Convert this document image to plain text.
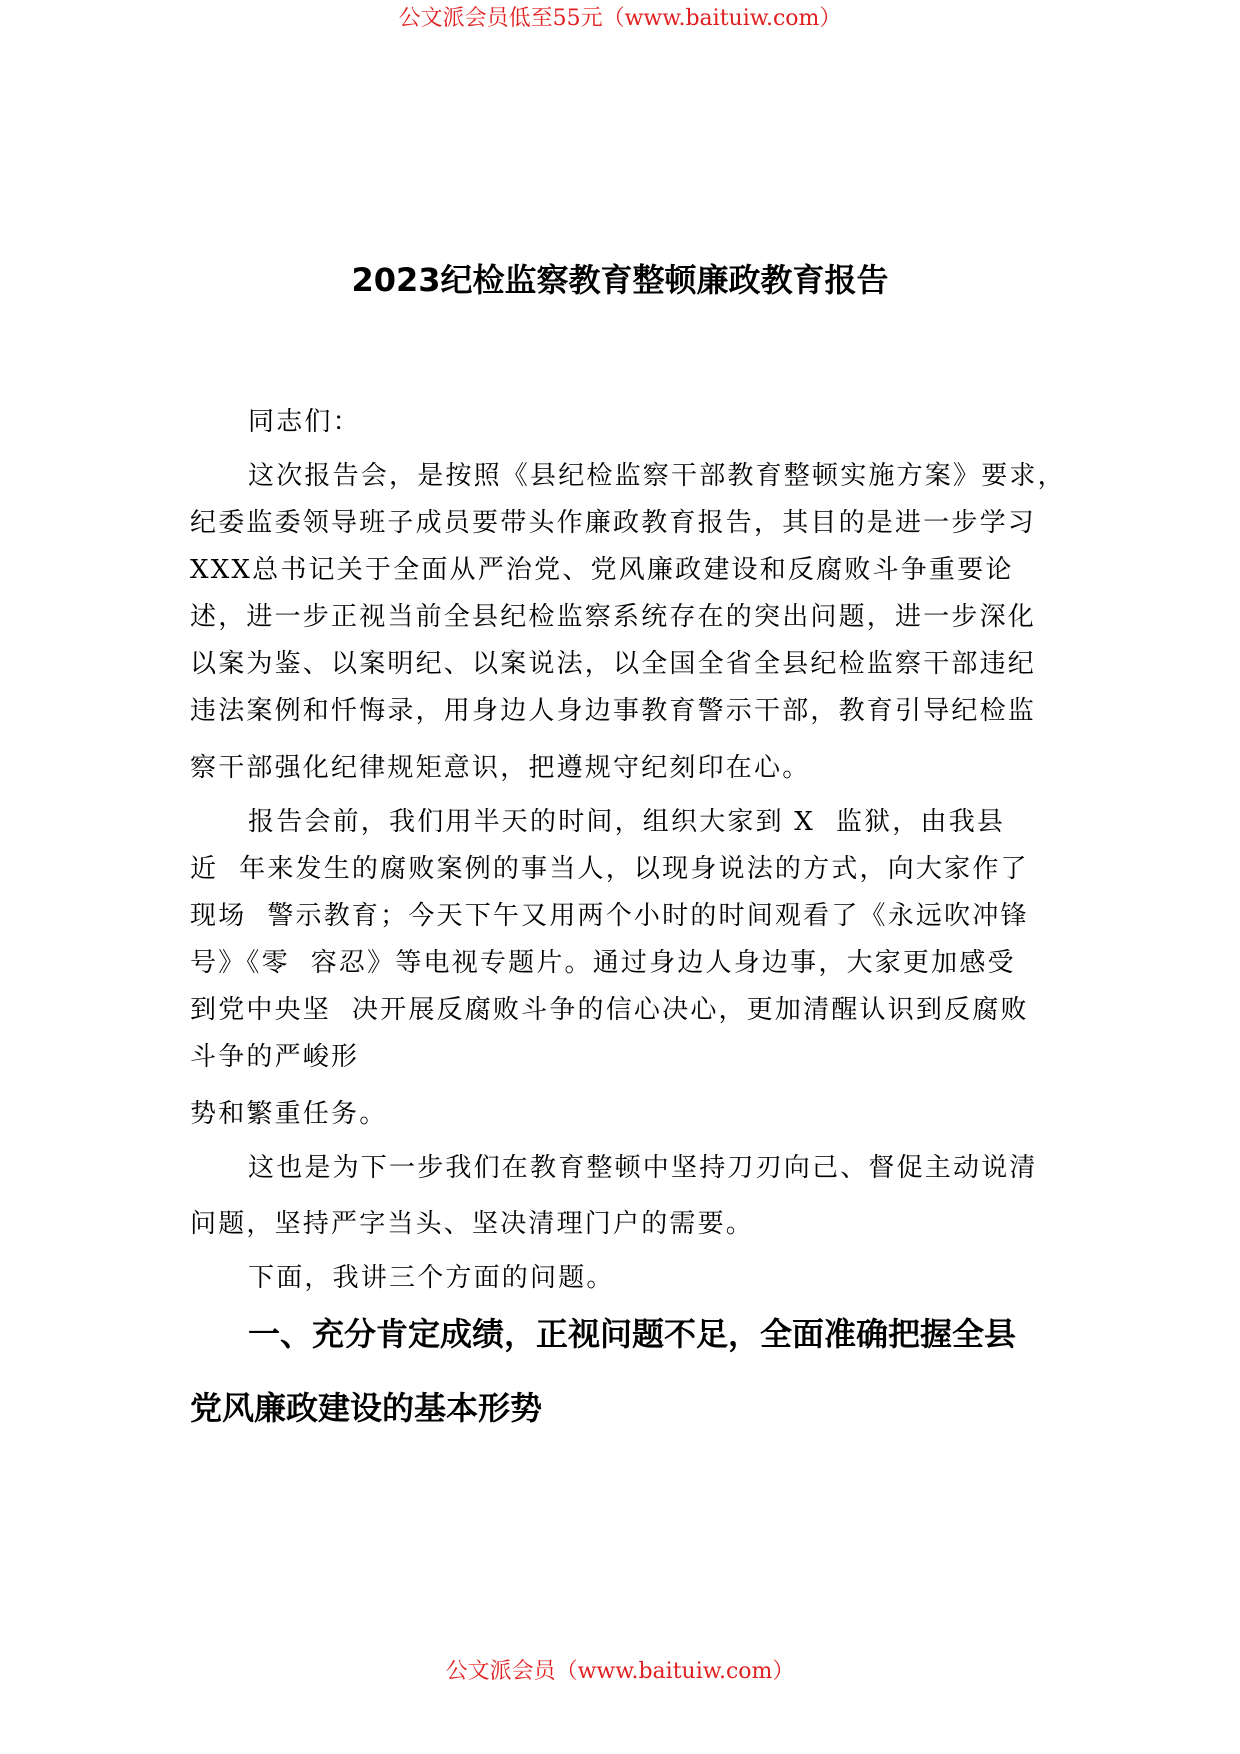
公文派会员低至55元（www.baituiw.com）
2023纪检监察教育整顿廉政教育报告
同志们：
这次报告会，是按照《县纪检监察干部教育整顿实施方案》要求，
纪委监委领导班子成员要带头作廉政教育报告，其目的是进一步学习
XXX总书记关于全面从严治党、党风廉政建设和反腐败斗争重要论
述，进一步正视当前全县纪检监察系统存在的突出问题，进一步深化
以案为鉴、以案明纪、以案说法，以全国全省全县纪检监察干部违纪
违法案例和忏悔录，用身边人身边事教育警示干部，教育引导纪检监
察干部强化纪律规矩意识，把遵规守纪刻印在心。
报告会前，我们用半天的时间，组织大家到 X  监狱，由我县
近  年来发生的腐败案例的事当人，以现身说法的方式，向大家作了
现场  警示教育；今天下午又用两个小时的时间观看了《永远吹冲锋
号》《零  容忍》等电视专题片。通过身边人身边事，大家更加感受
到党中央坚  决开展反腐败斗争的信心决心，更加清醒认识到反腐败
斗争的严峻形
势和繁重任务。
这也是为下一步我们在教育整顿中坚持刀刃向己、督促主动说清
问题，坚持严字当头、坚决清理门户的需要。
下面，我讲三个方面的问题。
一、充分肯定成绩，正视问题不足，全面准确把握全县
党风廉政建设的基本形势
公文派会员（www.baituiw.com）
